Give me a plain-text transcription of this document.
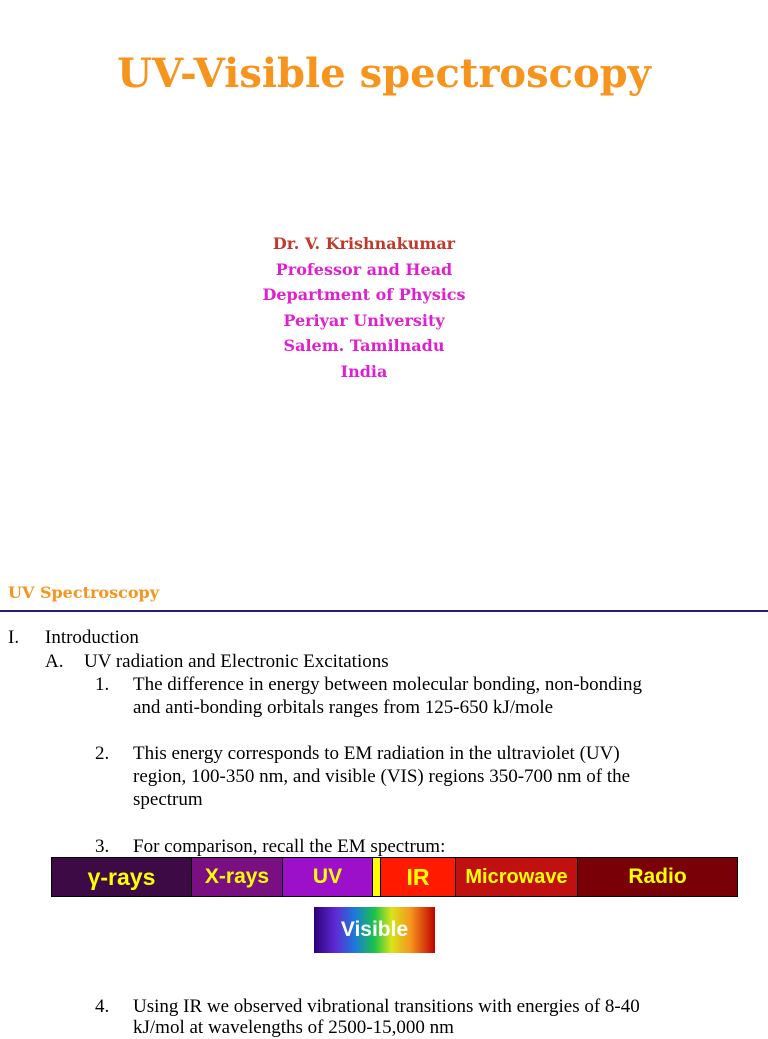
UV-Visible spectroscopy
Dr. V. Krishnakumar
Professor and Head
Department of Physics
Periyar University
Salem. Tamilnadu
India
UV Spectroscopy
I. Introduction
A. UV radiation and Electronic Excitations
1. The difference in energy between molecular bonding, non-bonding
and anti-bonding orbitals ranges from 125-650 kJ/mole
2. This energy corresponds to EM radiation in the ultraviolet (UV)
region, 100-350 nm, and visible (VIS) regions 350-700 nm of the
spectrum
3. For comparison, recall the EM spectrum:
γ-rays	X-rays	UV	IR	Microwave	Radio
Visible
4. Using IR we observed vibrational transitions with energies of 8-40
kJ/mol at wavelengths of 2500-15,000 nm
